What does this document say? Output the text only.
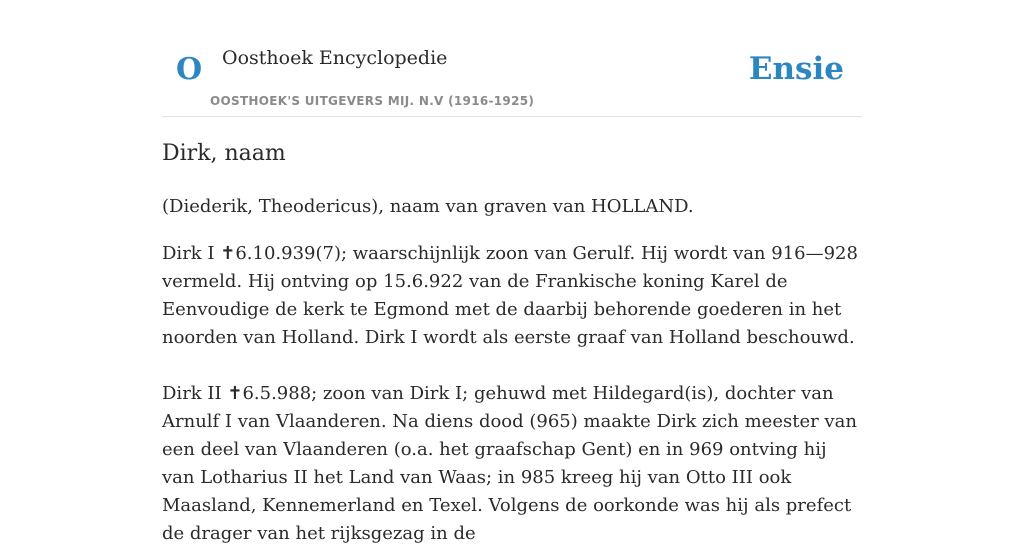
O Oosthoek Encyclopedie
OOSTHOEK'S UITGEVERS MIJ. N.V (1916-1925)
Ensie
Dirk, naam

(Diederik, Theodericus), naam van graven van HOLLAND.

Dirk I ✝6.10.939(7); waarschijnlijk zoon van Gerulf. Hij wordt van 916—928 vermeld. Hij ontving op 15.6.922 van de Frankische koning Karel de Eenvoudige de kerk te Egmond met de daarbij behorende goederen in het noorden van Holland. Dirk I wordt als eerste graaf van Holland beschouwd.

Dirk II ✝6.5.988; zoon van Dirk I; gehuwd met Hildegard(is), dochter van Arnulf I van Vlaanderen. Na diens dood (965) maakte Dirk zich meester van een deel van Vlaanderen (o.a. het graafschap Gent) en in 969 ontving hij van Lotharius II het Land van Waas; in 985 kreeg hij van Otto III ook Maasland, Kennemerland en Texel. Volgens de oorkonde was hij als prefect de drager van het rijksgezag in de
